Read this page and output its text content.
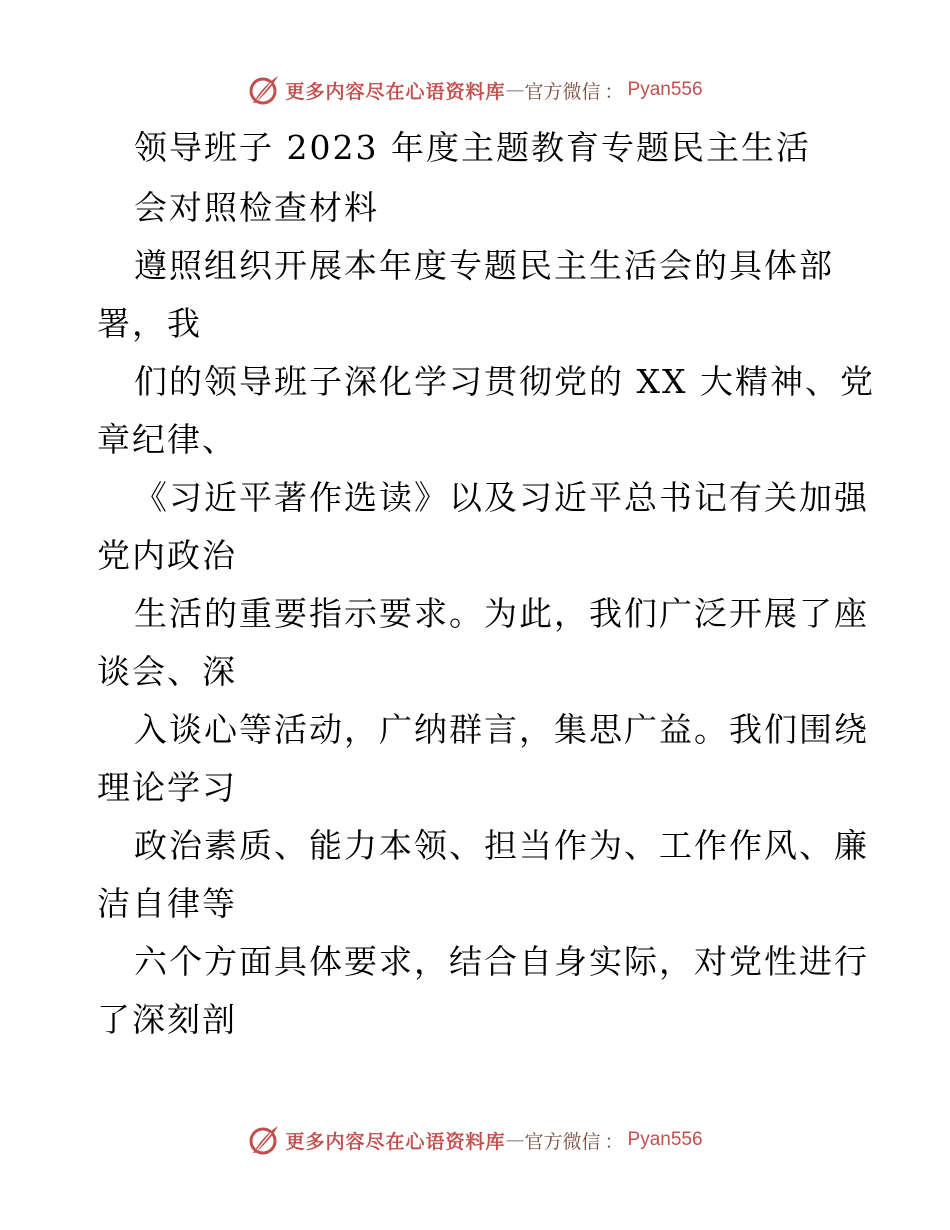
更多内容尽在心语资料库 — 官方微信 ： Pyan556
领导班子 2023 年度主题教育专题民主生活
会对照检查材料
遵照组织开展本年度专题民主生活会的具体部
署，我
们的领导班子深化学习贯彻党的 XX 大精神、党
章纪律、
《习近平著作选读》以及习近平总书记有关加强
党内政治
生活的重要指示要求。为此，我们广泛开展了座
谈会、深
入谈心等活动，广纳群言，集思广益。我们围绕
理论学习
政治素质、能力本领、担当作为、工作作风、廉
洁自律等
六个方面具体要求，结合自身实际，对党性进行
了深刻剖
更多内容尽在心语资料库 — 官方微信 ： Pyan556
